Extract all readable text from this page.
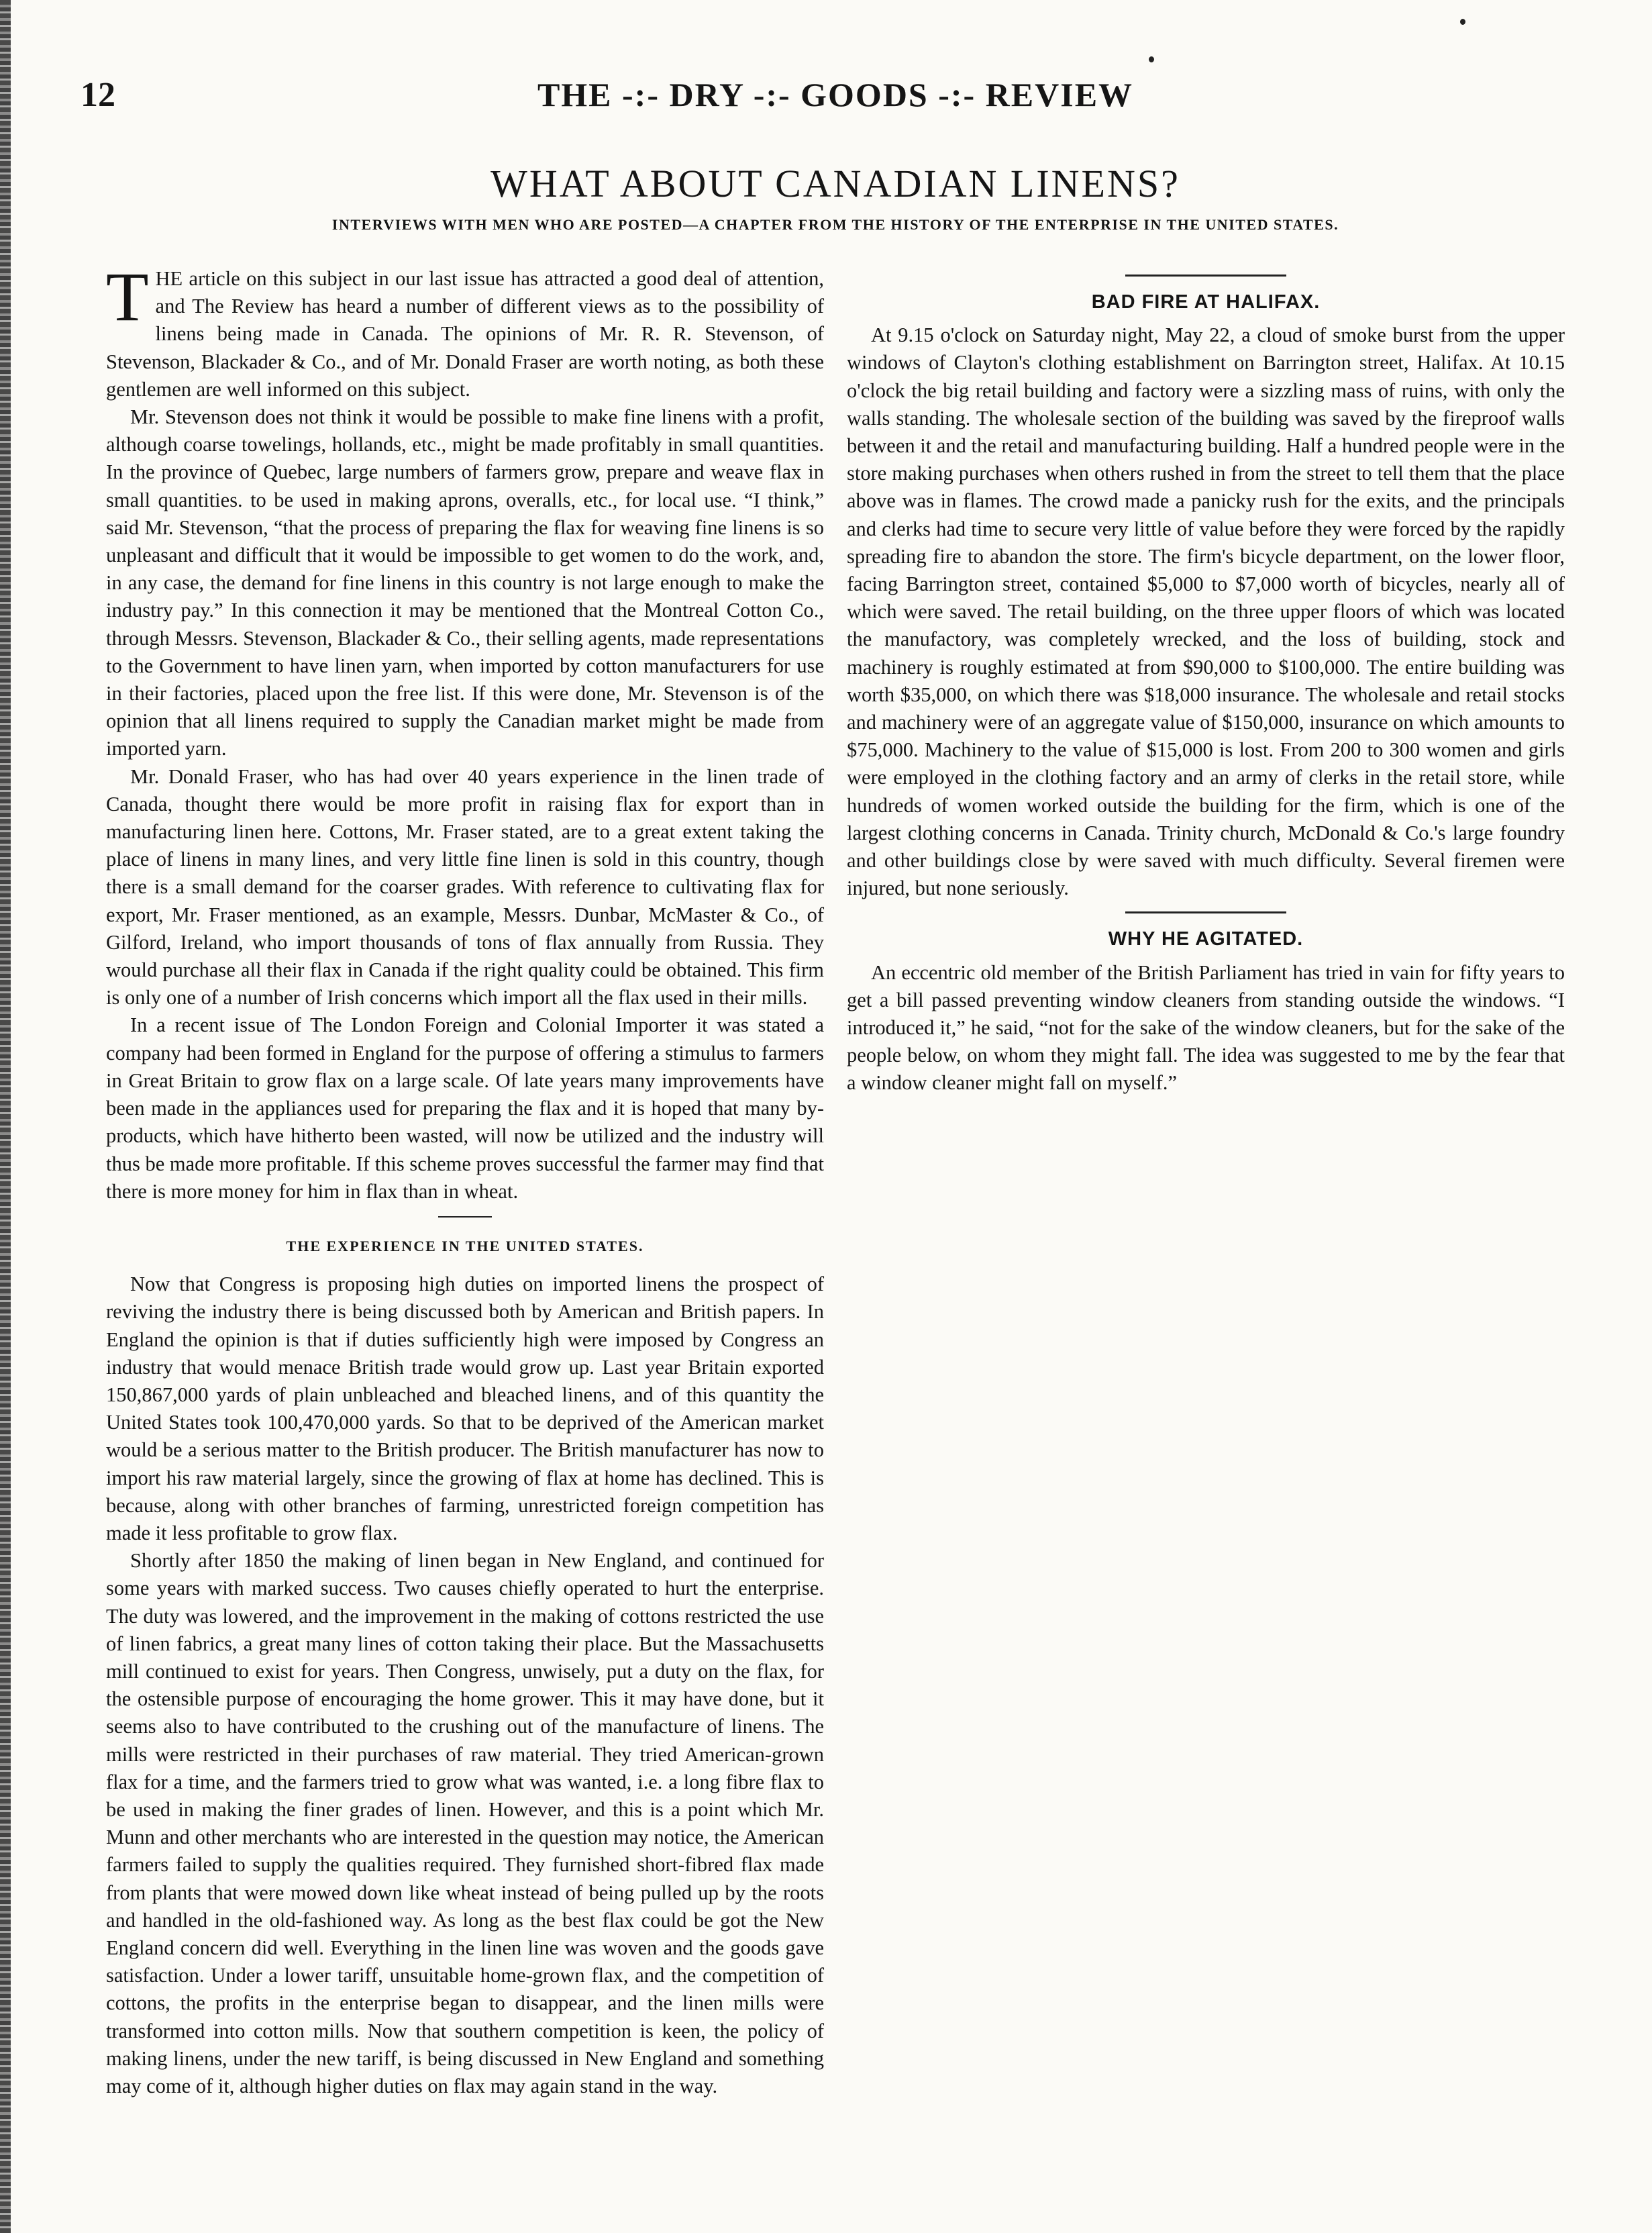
12	THE -:- DRY -:- GOODS -:- REVIEW
WHAT ABOUT CANADIAN LINENS?
INTERVIEWS WITH MEN WHO ARE POSTED—A CHAPTER FROM THE HISTORY OF THE ENTERPRISE IN THE UNITED STATES.

THE article on this subject in our last issue has attracted a good deal of attention, and The Review has heard a number of different views as to the possibility of linens being made in Canada. The opinions of Mr. R. R. Stevenson, of Stevenson, Blackader & Co., and of Mr. Donald Fraser are worth noting, as both these gentlemen are well informed on this subject.

Mr. Stevenson does not think it would be possible to make fine linens with a profit, although coarse towelings, hollands, etc., might be made profitably in small quantities. In the province of Quebec, large numbers of farmers grow, prepare and weave flax in small quantities. to be used in making aprons, overalls, etc., for local use. “I think,” said Mr. Stevenson, “that the process of preparing the flax for weaving fine linens is so unpleasant and difficult that it would be impossible to get women to do the work, and, in any case, the demand for fine linens in this country is not large enough to make the industry pay.” In this connection it may be mentioned that the Montreal Cotton Co., through Messrs. Stevenson, Blackader & Co., their selling agents, made representations to the Government to have linen yarn, when imported by cotton manufacturers for use in their factories, placed upon the free list. If this were done, Mr. Stevenson is of the opinion that all linens required to supply the Canadian market might be made from imported yarn.

Mr. Donald Fraser, who has had over 40 years experience in the linen trade of Canada, thought there would be more profit in raising flax for export than in manufacturing linen here. Cottons, Mr. Fraser stated, are to a great extent taking the place of linens in many lines, and very little fine linen is sold in this country, though there is a small demand for the coarser grades. With reference to cultivating flax for export, Mr. Fraser mentioned, as an example, Messrs. Dunbar, McMaster & Co., of Gilford, Ireland, who import thousands of tons of flax annually from Russia. They would purchase all their flax in Canada if the right quality could be obtained. This firm is only one of a number of Irish concerns which import all the flax used in their mills.

In a recent issue of The London Foreign and Colonial Importer it was stated a company had been formed in England for the purpose of offering a stimulus to farmers in Great Britain to grow flax on a large scale. Of late years many improvements have been made in the appliances used for preparing the flax and it is hoped that many by-products, which have hitherto been wasted, will now be utilized and the industry will thus be made more profitable. If this scheme proves successful the farmer may find that there is more money for him in flax than in wheat.

THE EXPERIENCE IN THE UNITED STATES.

Now that Congress is proposing high duties on imported linens the prospect of reviving the industry there is being discussed both by American and British papers. In England the opinion is that if duties sufficiently high were imposed by Congress an industry that would menace British trade would grow up. Last year Britain exported 150,867,000 yards of plain unbleached and bleached linens, and of this quantity the United States took 100,470,000 yards. So that to be deprived of the American market would be a serious matter to the British producer. The British manufacturer has now to import his raw material largely, since the growing of flax at home has declined. This is because, along with other branches of farming, unrestricted foreign competition has made it less profitable to grow flax.

Shortly after 1850 the making of linen began in New England, and continued for some years with marked success. Two causes chiefly operated to hurt the enterprise. The duty was lowered, and the improvement in the making of cottons restricted the use of linen fabrics, a great many lines of cotton taking their place. But the Massachusetts mill continued to exist for years. Then Congress, unwisely, put a duty on the flax, for the ostensible purpose of encouraging the home grower. This it may have done, but it seems also to have contributed to the crushing out of the manufacture of linens. The mills were restricted in their purchases of raw material. They tried American-grown flax for a time, and the farmers tried to grow what was wanted, i.e. a long fibre flax to be used in making the finer grades of linen. However, and this is a point which Mr. Munn and other merchants who are interested in the question may notice, the American farmers failed to supply the qualities required. They furnished short-fibred flax made from plants that were mowed down like wheat instead of being pulled up by the roots and handled in the old-fashioned way. As long as the best flax could be got the New England concern did well. Everything in the linen line was woven and the goods gave satisfaction. Under a lower tariff, unsuitable home-grown flax, and the competition of cottons, the profits in the enterprise began to disappear, and the linen mills were transformed into cotton mills. Now that southern competition is keen, the policy of making linens, under the new tariff, is being discussed in New England and something may come of it, although higher duties on flax may again stand in the way.

BAD FIRE AT HALIFAX.

At 9.15 o'clock on Saturday night, May 22, a cloud of smoke burst from the upper windows of Clayton's clothing establishment on Barrington street, Halifax. At 10.15 o'clock the big retail building and factory were a sizzling mass of ruins, with only the walls standing. The wholesale section of the building was saved by the fireproof walls between it and the retail and manufacturing building. Half a hundred people were in the store making purchases when others rushed in from the street to tell them that the place above was in flames. The crowd made a panicky rush for the exits, and the principals and clerks had time to secure very little of value before they were forced by the rapidly spreading fire to abandon the store. The firm's bicycle department, on the lower floor, facing Barrington street, contained $5,000 to $7,000 worth of bicycles, nearly all of which were saved. The retail building, on the three upper floors of which was located the manufactory, was completely wrecked, and the loss of building, stock and machinery is roughly estimated at from $90,000 to $100,000. The entire building was worth $35,000, on which there was $18,000 insurance. The wholesale and retail stocks and machinery were of an aggregate value of $150,000, insurance on which amounts to $75,000. Machinery to the value of $15,000 is lost. From 200 to 300 women and girls were employed in the clothing factory and an army of clerks in the retail store, while hundreds of women worked outside the building for the firm, which is one of the largest clothing concerns in Canada. Trinity church, McDonald & Co.'s large foundry and other buildings close by were saved with much difficulty. Several firemen were injured, but none seriously.

WHY HE AGITATED.

An eccentric old member of the British Parliament has tried in vain for fifty years to get a bill passed preventing window cleaners from standing outside the windows. “I introduced it,” he said, “not for the sake of the window cleaners, but for the sake of the people below, on whom they might fall. The idea was suggested to me by the fear that a window cleaner might fall on myself.”
